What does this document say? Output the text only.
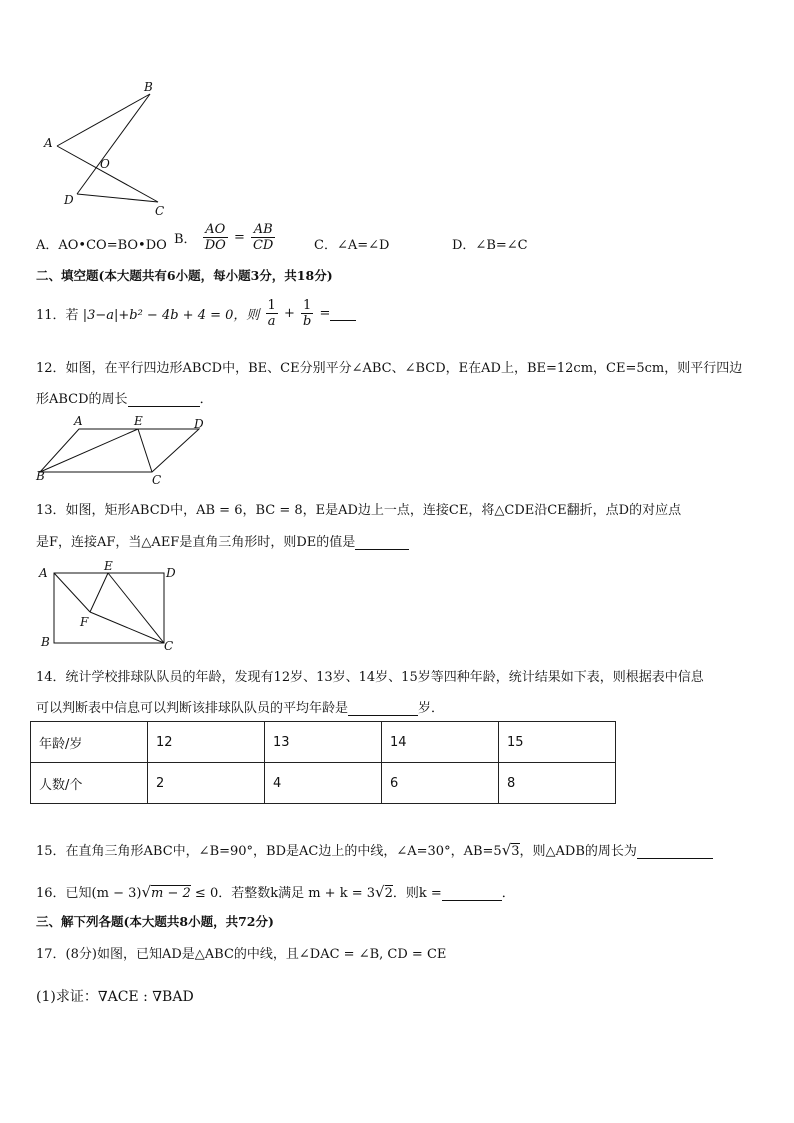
B
A
O
D
C
A．AO•CO=BO•DO B． $\frac{AO}{DO} = \frac{AB}{CD}$	C．∠A=∠D	D．∠B=∠C
二、填空题(本大题共有6小题，每小题3分，共18分)
11．若 |3−a|+b² − 4b + 4 = 0，则 $\frac{1}{a} + \frac{1}{b}$ =
12．如图，在平行四边形ABCD中，BE、CE分别平分∠ABC、∠BCD，E在AD上，BE=12cm，CE=5cm，则平行四边
形ABCD的周长	．
A	E	D
B	C
13．如图，矩形ABCD中，AB = 6，BC = 8，E是AD边上一点，连接CE，将△CDE沿CE翻折，点D的对应点
是F，连接AF，当△AEF是直角三角形时，则DE的值是
A	E	D
F
B	C
14．统计学校排球队队员的年龄，发现有12岁、13岁、14岁、15岁等四种年龄，统计结果如下表，则根据表中信息
可以判断表中信息可以判断该排球队队员的平均年龄是	岁．
年龄/岁	12	13	14	15
人数/个	2	4	6	8
15．在直角三角形ABC中，∠B=90°，BD是AC边上的中线，∠A=30°，AB=5√3，则△ADB的周长为
16．已知(m − 3)√m − 2 ≤ 0．若整数k满足 m + k = 3√2．则k =	．
三、解下列各题(本大题共8小题，共72分)
17．(8分)如图，已知AD是△ABC的中线，且∠DAC = ∠B, CD = CE
(1)求证：∇ACE : ∇BAD
